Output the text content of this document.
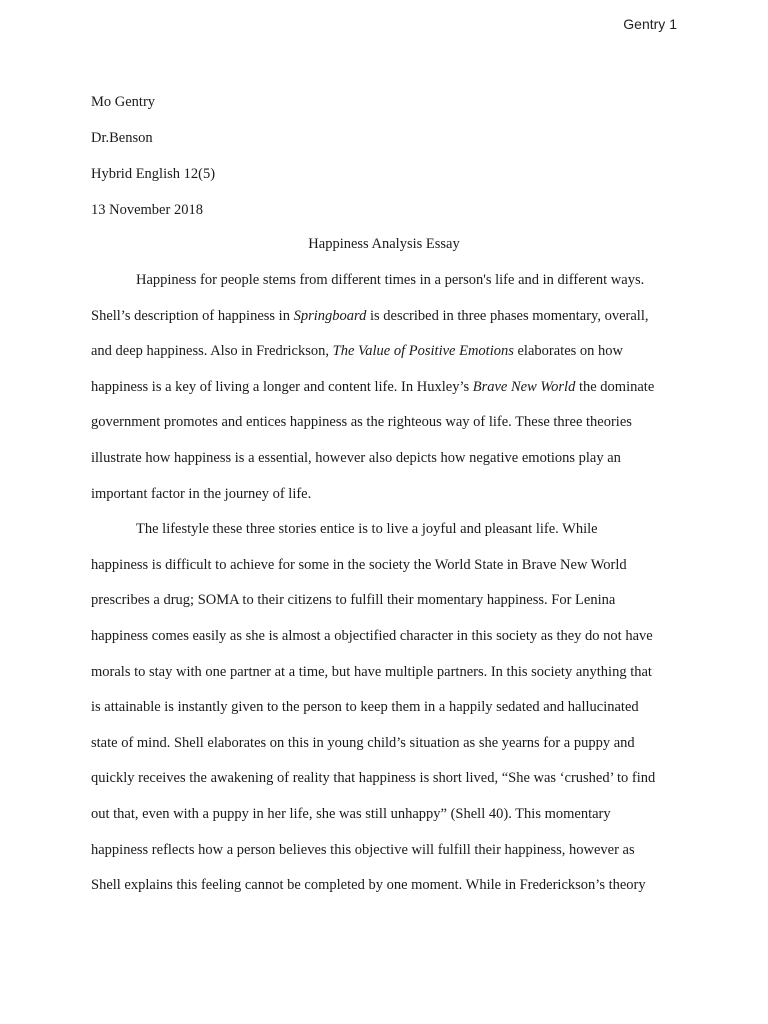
Gentry 1
Mo Gentry
Dr.Benson
Hybrid English 12(5)
13 November 2018
Happiness Analysis Essay
Happiness for people stems from different times in a person's life and in different ways.
Shell’s description of happiness in Springboard is described in three phases momentary, overall,
and deep happiness. Also in Fredrickson, The Value of Positive Emotions elaborates on how
happiness is a key of living a longer and content life. In Huxley’s Brave New World the dominate
government promotes and entices happiness as the righteous way of life. These three theories
illustrate how happiness is a essential, however also depicts how negative emotions play an
important factor in the journey of life.
The lifestyle these three stories entice is to live a joyful and pleasant life. While
happiness is difficult to achieve for some in the society the World State in Brave New World
prescribes a drug; SOMA to their citizens to fulfill their momentary happiness. For Lenina
happiness comes easily as she is almost a objectified character in this society as they do not have
morals to stay with one partner at a time, but have multiple partners. In this society anything that
is attainable is instantly given to the person to keep them in a happily sedated and hallucinated
state of mind. Shell elaborates on this in young child’s situation as she yearns for a puppy and
quickly receives the awakening of reality that happiness is short lived, “She was ‘crushed’ to find
out that, even with a puppy in her life, she was still unhappy” (Shell 40). This momentary
happiness reflects how a person believes this objective will fulfill their happiness, however as
Shell explains this feeling cannot be completed by one moment. While in Frederickson’s theory
